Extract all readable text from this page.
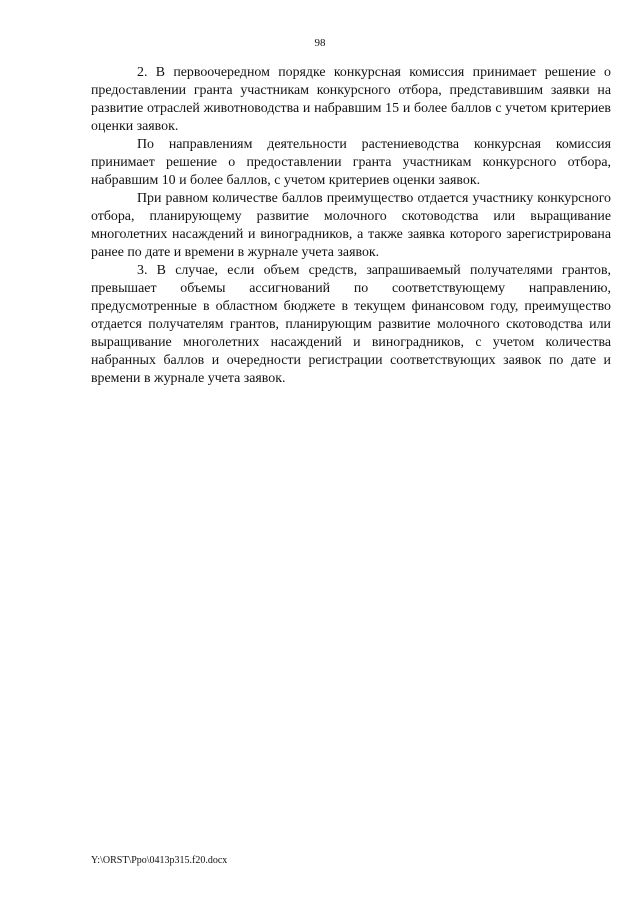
98

2. В первоочередном порядке конкурсная комиссия принимает решение о предоставлении гранта участникам конкурсного отбора, представившим заявки на развитие отраслей животноводства и набравшим 15 и более баллов с учетом критериев оценки заявок.

По направлениям деятельности растениеводства конкурсная комиссия принимает решение о предоставлении гранта участникам конкурсного отбора, набравшим 10 и более баллов, с учетом критериев оценки заявок.

При равном количестве баллов преимущество отдается участнику конкурсного отбора, планирующему развитие молочного скотоводства или выращивание многолетних насаждений и виноградников, а также заявка которого зарегистрирована ранее по дате и времени в журнале учета заявок.

3. В случае, если объем средств, запрашиваемый получателями грантов, превышает объемы ассигнований по соответствующему направлению, предусмотренные в областном бюджете в текущем финансовом году, преимущество отдается получателям грантов, планирующим развитие молочного скотоводства или выращивание многолетних насаждений и виноградников, с учетом количества набранных баллов и очередности регистрации соответствующих заявок по дате и времени в журнале учета заявок.

Y:\ORST\Ppo\0413p315.f20.docx
